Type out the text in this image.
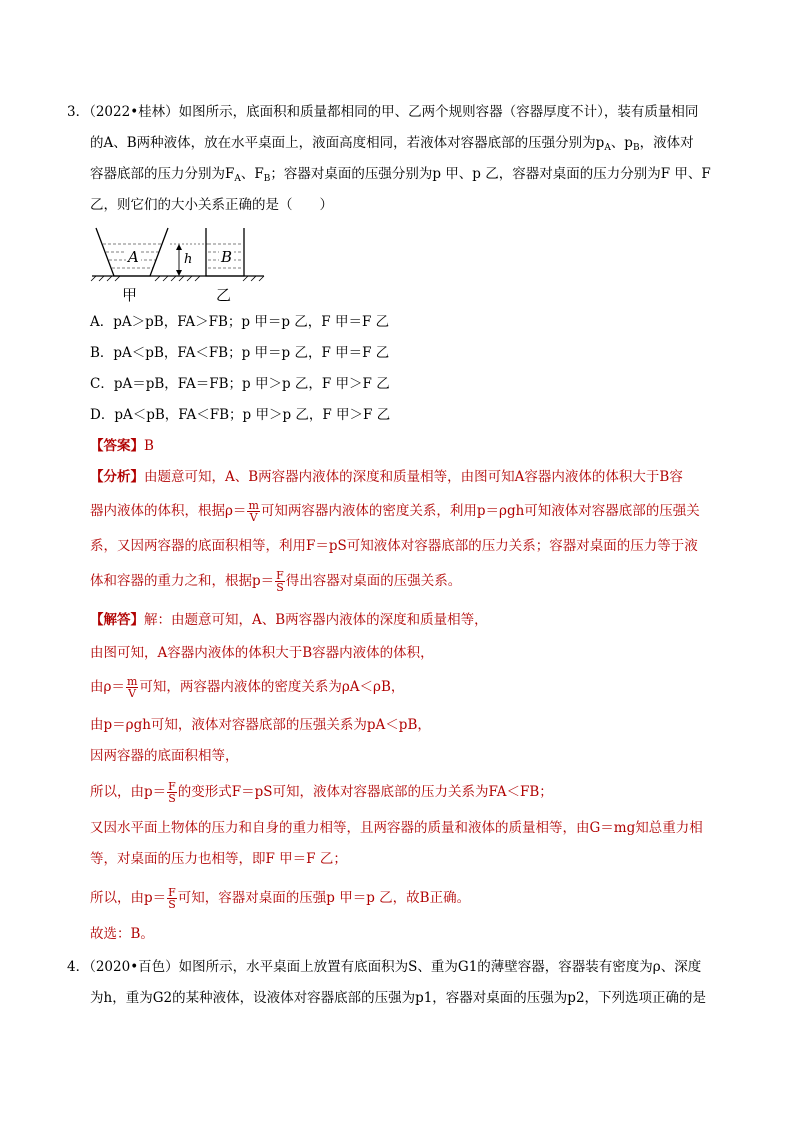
3．（2022•桂林）如图所示，底面积和质量都相同的甲、乙两个规则容器（容器厚度不计），装有质量相同
的A、B两种液体，放在水平桌面上，液面高度相同，若液体对容器底部的压强分别为$p_A$、$p_B$，液体对
容器底部的压力分别为$F_A$、$F_B$；容器对桌面的压强分别为p 甲、p 乙，容器对桌面的压力分别为F 甲、F
乙，则它们的大小关系正确的是（　　）
A	B
h
甲	乙
A．pA＞pB，FA＞FB；p 甲＝p 乙，F 甲＝F 乙
B．pA＜pB，FA＜FB；p 甲＝p 乙，F 甲＝F 乙
C．pA＝pB，FA＝FB；p 甲＞p 乙，F 甲＞F 乙
D．pA＜pB，FA＜FB；p 甲＞p 乙，F 甲＞F 乙
【答案】B
【分析】由题意可知，A、B两容器内液体的深度和质量相等，由图可知A容器内液体的体积大于B容
器内液体的体积，根据$\rho= \frac{m}{V}$ 可知两容器内液体的密度关系，利用p＝ρgh可知液体对容器底部的压强关
系，又因两容器的底面积相等，利用F＝pS可知液体对容器底部的压力关系；容器对桌面的压力等于液
体和容器的重力之和，根据$p= \frac{F}{S}$ 得出容器对桌面的压强关系。
【解答】解：由题意可知，A、B两容器内液体的深度和质量相等，
由图可知，A容器内液体的体积大于B容器内液体的体积，
由$\rho= \frac{m}{V}$ 可知，两容器内液体的密度关系为ρA＜ρB，
由p＝ρgh可知，液体对容器底部的压强关系为pA＜pB，
因两容器的底面积相等，
所以，由$p= \frac{F}{S}$ 的变形式F＝pS可知，液体对容器底部的压力关系为FA＜FB；
又因水平面上物体的压力和自身的重力相等，且两容器的质量和液体的质量相等，由G＝mg知总重力相
等，对桌面的压力也相等，即F 甲＝F 乙；
所以，由$p= \frac{F}{S}$ 可知，容器对桌面的压强p 甲＝p 乙，故B正确。
故选：B。
4．（2020•百色）如图所示，水平桌面上放置有底面积为S、重为G1的薄壁容器，容器装有密度为ρ、深度
为h，重为G2的某种液体，设液体对容器底部的压强为p1，容器对桌面的压强为p2，下列选项正确的是
